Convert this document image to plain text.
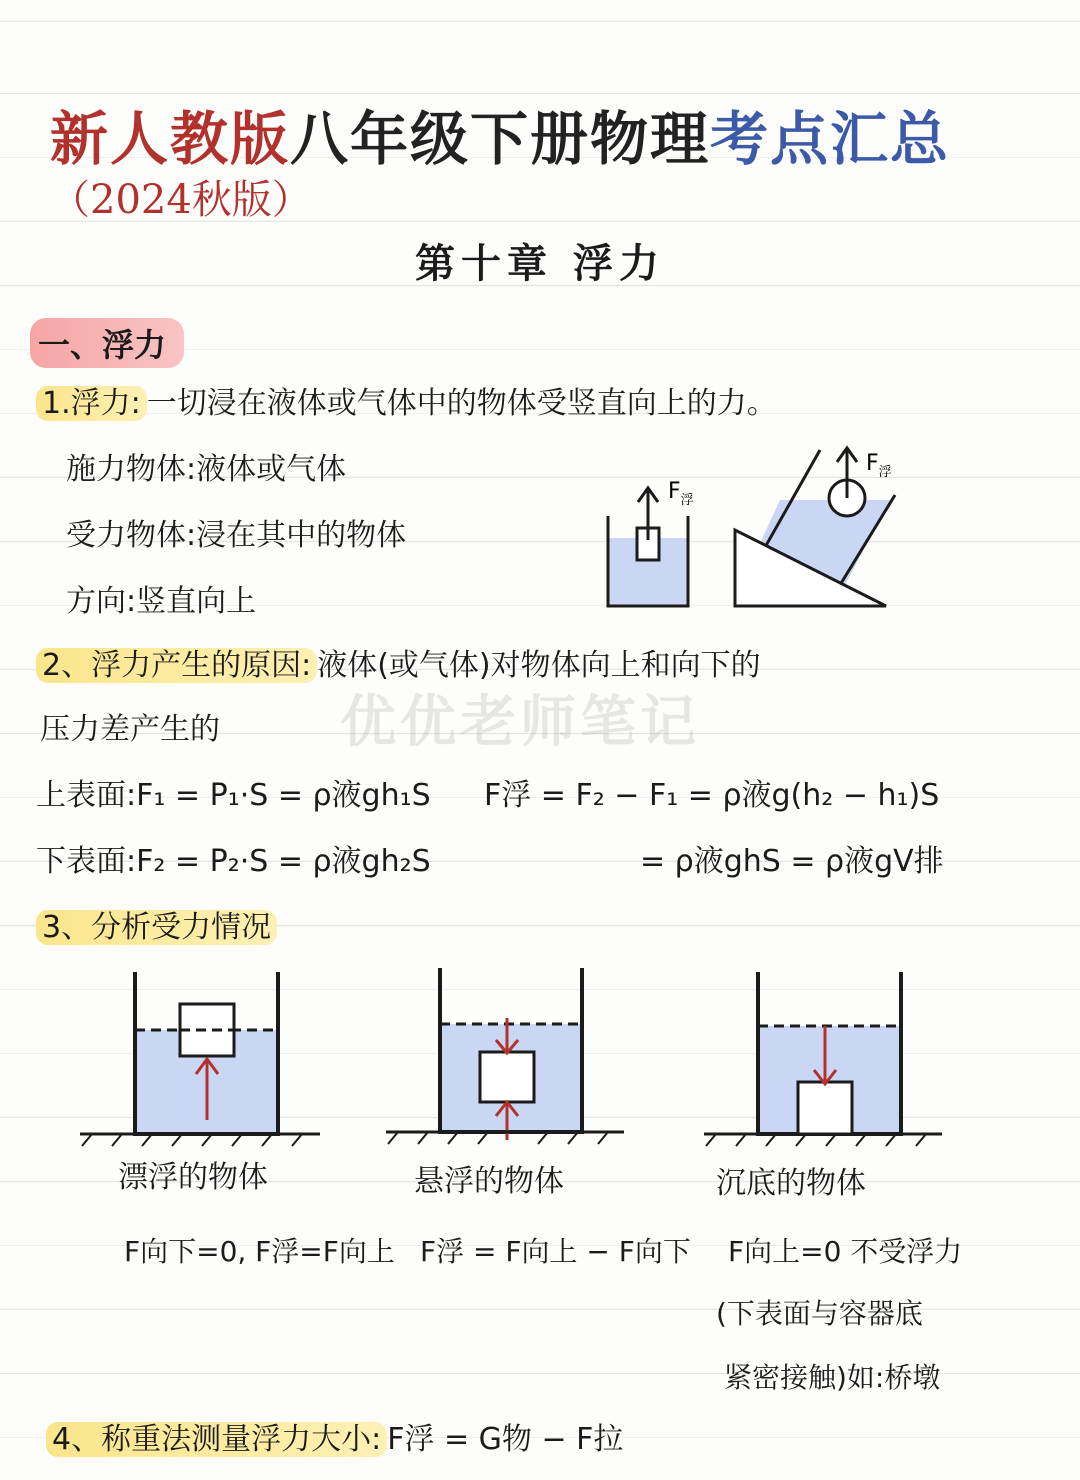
新人教版八年级下册物理考点汇总
（2024秋版）
第十章 浮力
一、浮力
1.浮力: 一切浸在液体或气体中的物体受竖直向上的力。
施力物体:液体或气体
受力物体:浸在其中的物体
方向:竖直向上
$F_浮$
$F_浮$
2、浮力产生的原因: 液体(或气体)对物体向上和向下的
压力差产生的 优优老师笔记
上表面:F₁ = P₁·S = ρ液gh₁S
下表面:F₂ = P₂·S = ρ液gh₂S
F浮 = F₂ − F₁ = ρ液g(h₂ − h₁)S
= ρ液ghS = ρ液gV排
3、分析受力情况
漂浮的物体	悬浮的物体	沉底的物体
F向下=0, F浮=F向上 F浮 = F向上 − F向下 F向上=0 不受浮力
(下表面与容器底
紧密接触)如:桥墩
4、称重法测量浮力大小: F浮 = G物 − F拉
